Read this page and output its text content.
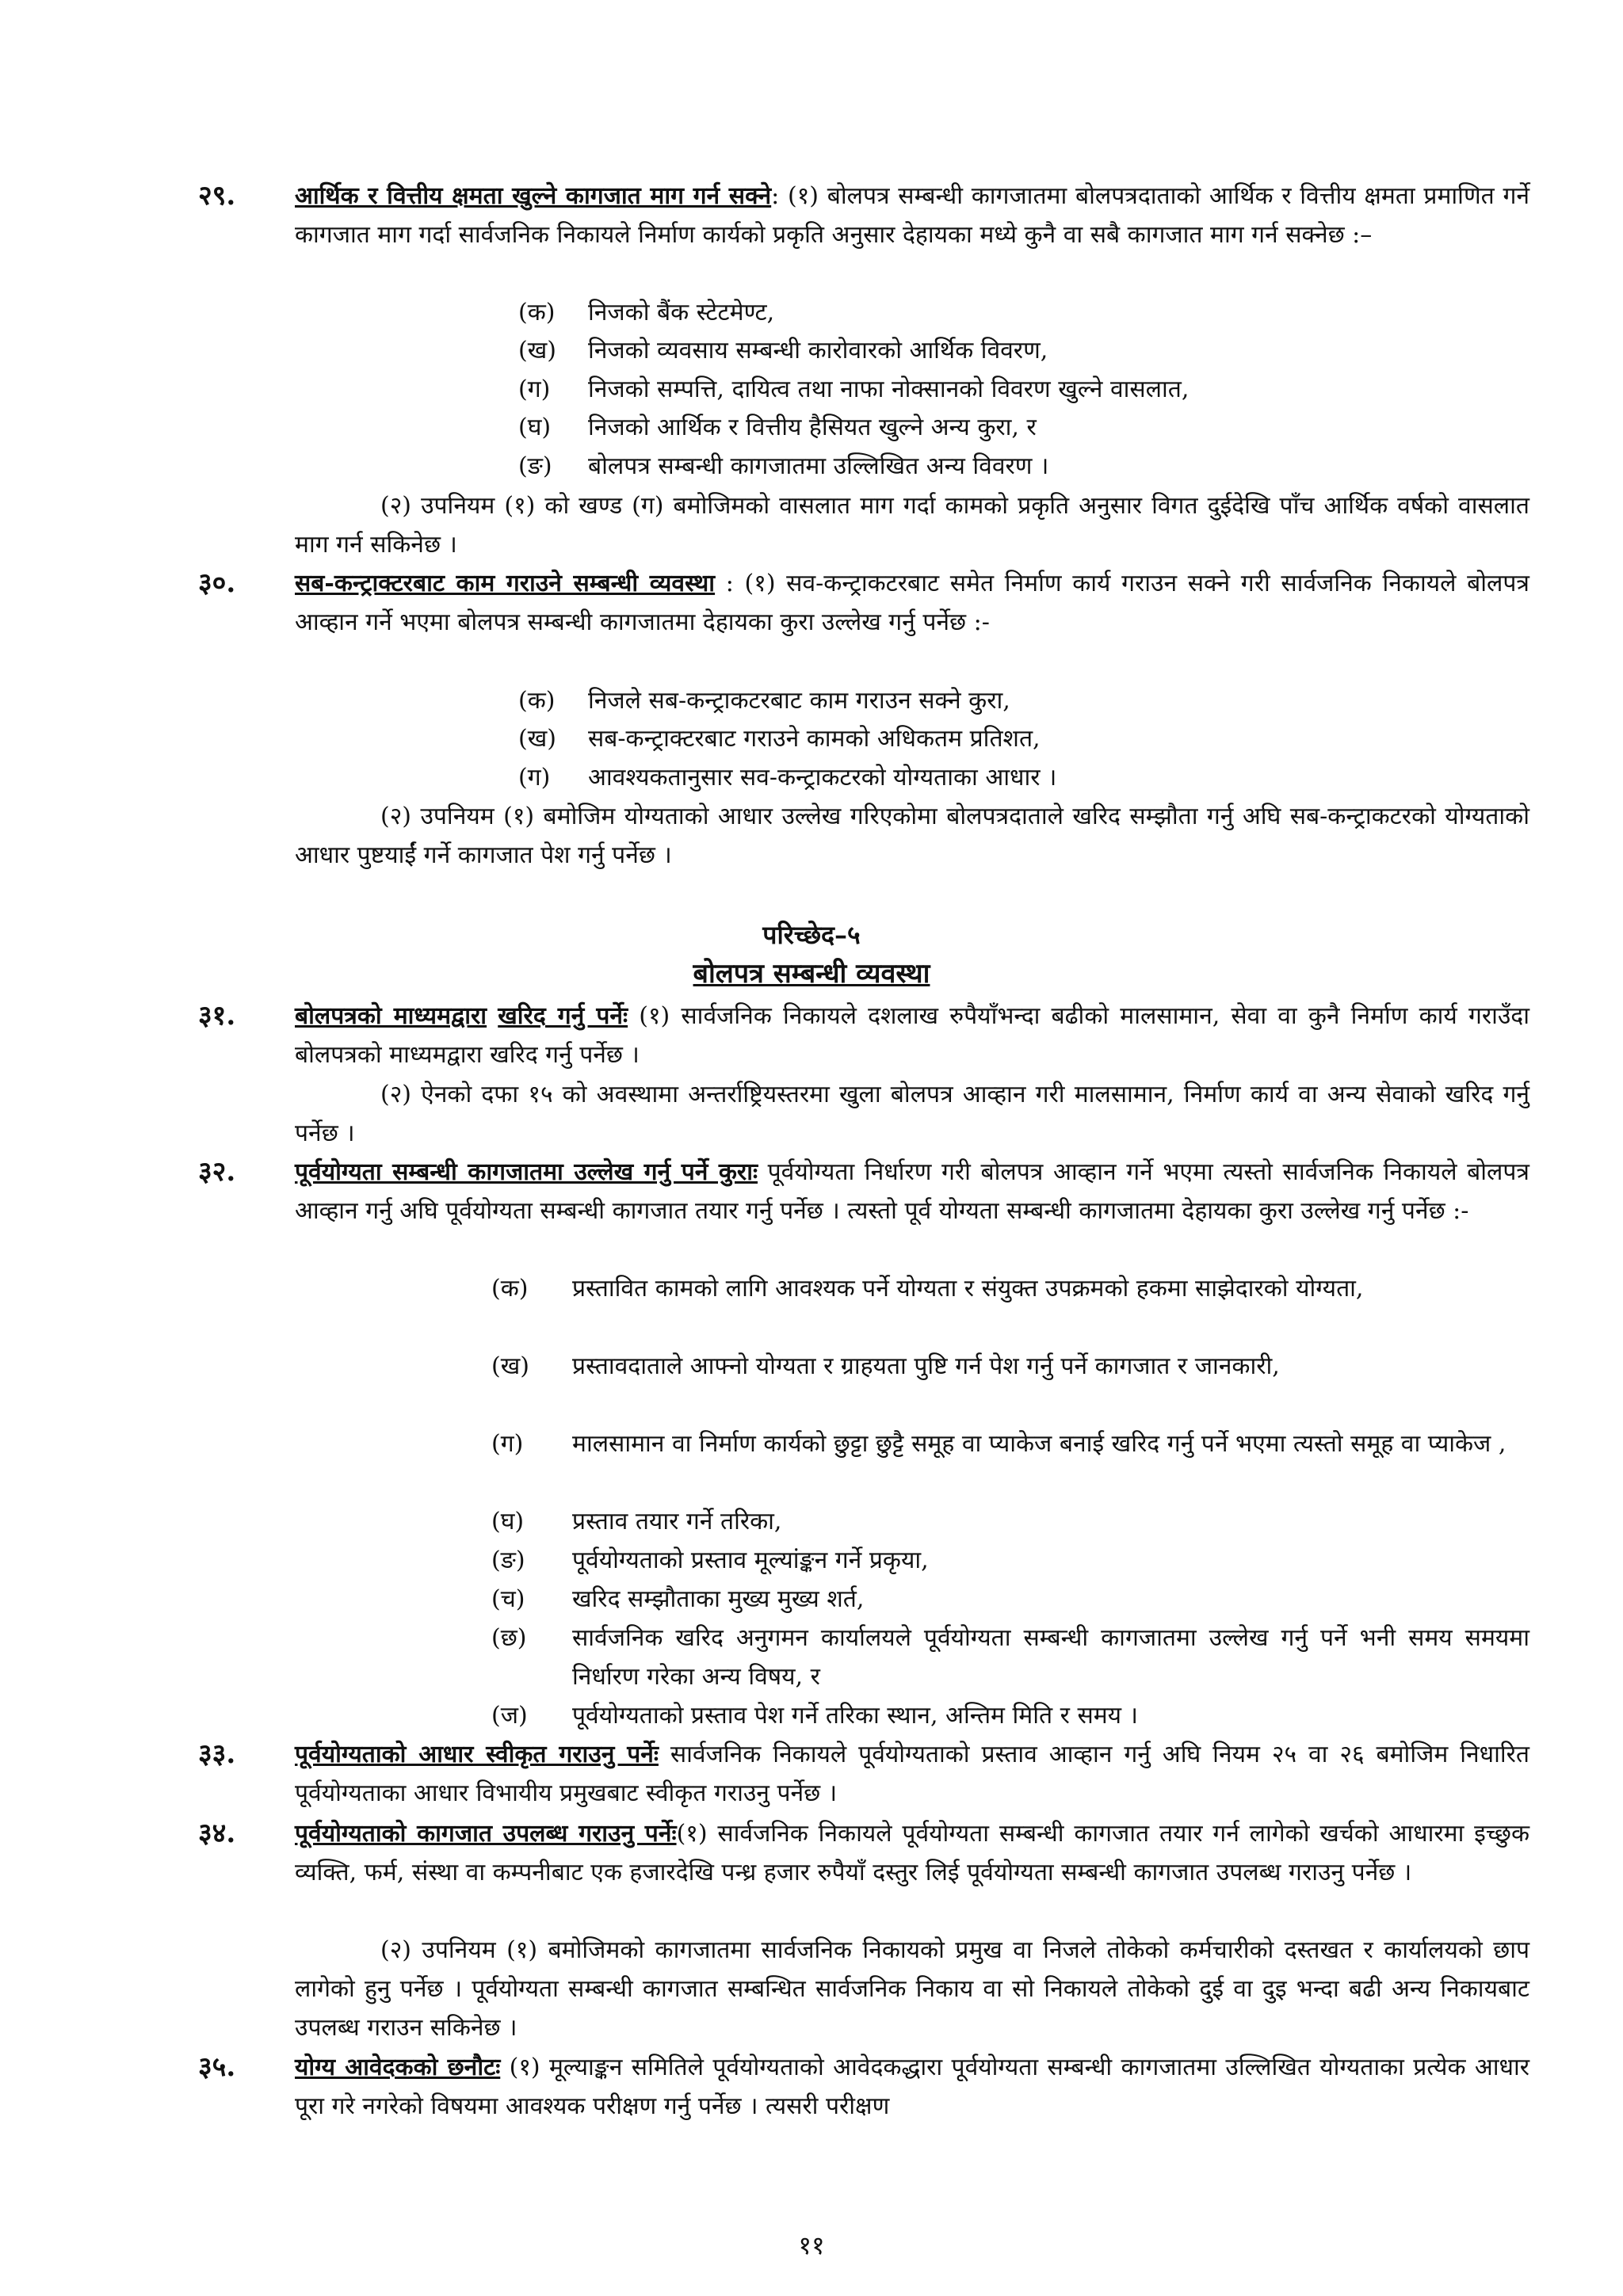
२९. आर्थिक र वित्तीय क्षमता खुल्ने कागजात माग गर्न सक्ने: (१) बोलपत्र सम्बन्धी कागजातमा बोलपत्रदाताको आर्थिक र वित्तीय क्षमता प्रमाणित गर्ने कागजात माग गर्दा सार्वजनिक निकायले निर्माण कार्यको प्रकृति अनुसार देहायका मध्ये कुनै वा सबै कागजात माग गर्न सक्नेछ :–
(क) निजको बैंक स्टेटमेण्ट,
(ख) निजको व्यवसाय सम्बन्धी कारोवारको आर्थिक विवरण,
(ग) निजको सम्पत्ति, दायित्व तथा नाफा नोक्सानको विवरण खुल्ने वासलात,
(घ) निजको आर्थिक र वित्तीय हैसियत खुल्ने अन्य कुरा, र
(ङ) बोलपत्र सम्बन्धी कागजातमा उल्लिखित अन्य विवरण ।
(२) उपनियम (१) को खण्ड (ग) बमोजिमको वासलात माग गर्दा कामको प्रकृति अनुसार विगत दुईदेखि पाँच आर्थिक वर्षको वासलात माग गर्न सकिनेछ ।
३०. सब-कन्ट्राक्टरबाट काम गराउने सम्बन्धी व्यवस्था : (१) सव-कन्ट्राकटरबाट समेत निर्माण कार्य गराउन सक्ने गरी सार्वजनिक निकायले बोलपत्र आव्हान गर्ने भएमा बोलपत्र सम्बन्धी कागजातमा देहायका कुरा उल्लेख गर्नु पर्नेछ :-
(क) निजले सब-कन्ट्राकटरबाट काम गराउन सक्ने कुरा,
(ख) सब-कन्ट्राक्टरबाट गराउने कामको अधिकतम प्रतिशत,
(ग) आवश्यकतानुसार सव-कन्ट्राकटरको योग्यताका आधार ।
(२) उपनियम (१) बमोजिम योग्यताको आधार उल्लेख गरिएकोमा बोलपत्रदाताले खरिद सम्झौता गर्नु अघि सब-कन्ट्राकटरको योग्यताको आधार पुष्टयाईं गर्ने कागजात पेश गर्नु पर्नेछ ।
परिच्छेद–५
बोलपत्र सम्बन्धी व्यवस्था
३१. बोलपत्रको माध्यमद्वारा खरिद गर्नु पर्नेः (१) सार्वजनिक निकायले दशलाख रुपैयाँभन्दा बढीको मालसामान, सेवा वा कुनै निर्माण कार्य गराउँदा बोलपत्रको माध्यमद्वारा खरिद गर्नु पर्नेछ ।
(२) ऐनको दफा १५ को अवस्थामा अन्तर्राष्ट्रियस्तरमा खुला बोलपत्र आव्हान गरी मालसामान, निर्माण कार्य वा अन्य सेवाको खरिद गर्नु पर्नेछ ।
३२. पूर्वयोग्यता सम्बन्धी कागजातमा उल्लेख गर्नु पर्ने कुराः पूर्वयोग्यता निर्धारण गरी बोलपत्र आव्हान गर्ने भएमा त्यस्तो सार्वजनिक निकायले बोलपत्र आव्हान गर्नु अघि पूर्वयोग्यता सम्बन्धी कागजात तयार गर्नु पर्नेछ । त्यस्तो पूर्व योग्यता सम्बन्धी कागजातमा देहायका कुरा उल्लेख गर्नु पर्नेछ :-
(क) प्रस्तावित कामको लागि आवश्यक पर्ने योग्यता र संयुक्त उपक्रमको हकमा साझेदारको योग्यता,
(ख) प्रस्तावदाताले आफ्नो योग्यता र ग्राहयता पुष्टि गर्न पेश गर्नु पर्ने कागजात र जानकारी,
(ग) मालसामान वा निर्माण कार्यको छुट्टा छुट्टै समूह वा प्याकेज बनाई खरिद गर्नु पर्ने भएमा त्यस्तो समूह वा प्याकेज ,
(घ) प्रस्ताव तयार गर्ने तरिका,
(ङ) पूर्वयोग्यताको प्रस्ताव मूल्यांङ्कन गर्ने प्रकृया,
(च) खरिद सम्झौताका मुख्य मुख्य शर्त,
(छ) सार्वजनिक खरिद अनुगमन कार्यालयले पूर्वयोग्यता सम्बन्धी कागजातमा उल्लेख गर्नु पर्ने भनी समय समयमा निर्धारण गरेका अन्य विषय, र
(ज) पूर्वयोग्यताको प्रस्ताव पेश गर्ने तरिका स्थान, अन्तिम मिति र समय ।
३३. पूर्वयोग्यताको आधार स्वीकृत गराउनु पर्नेः सार्वजनिक निकायले पूर्वयोग्यताको प्रस्ताव आव्हान गर्नु अघि नियम २५ वा २६ बमोजिम निधारित पूर्वयोग्यताका आधार विभायीय प्रमुखबाट स्वीकृत गराउनु पर्नेछ ।
३४. पूर्वयोग्यताको कागजात उपलब्ध गराउनु पर्नेः(१) सार्वजनिक निकायले पूर्वयोग्यता सम्बन्धी कागजात तयार गर्न लागेको खर्चको आधारमा इच्छुक व्यक्ति, फर्म, संस्था वा कम्पनीबाट एक हजारदेखि पन्ध्र हजार रुपैयाँ दस्तुर लिई पूर्वयोग्यता सम्बन्धी कागजात उपलब्ध गराउनु पर्नेछ ।
(२) उपनियम (१) बमोजिमको कागजातमा सार्वजनिक निकायको प्रमुख वा निजले तोकेको कर्मचारीको दस्तखत र कार्यालयको छाप लागेको हुनु पर्नेछ । पूर्वयोग्यता सम्बन्धी कागजात सम्बन्धित सार्वजनिक निकाय वा सो निकायले तोकेको दुई वा दुइ भन्दा बढी अन्य निकायबाट उपलब्ध गराउन सकिनेछ ।
३५. योग्य आवेदकको छनौटः (१) मूल्याङ्कन समितिले पूर्वयोग्यताको आवेदकद्धारा पूर्वयोग्यता सम्बन्धी कागजातमा उल्लिखित योग्यताका प्रत्येक आधार पूरा गरे नगरेको विषयमा आवश्यक परीक्षण गर्नु पर्नेछ । त्यसरी परीक्षण
११
